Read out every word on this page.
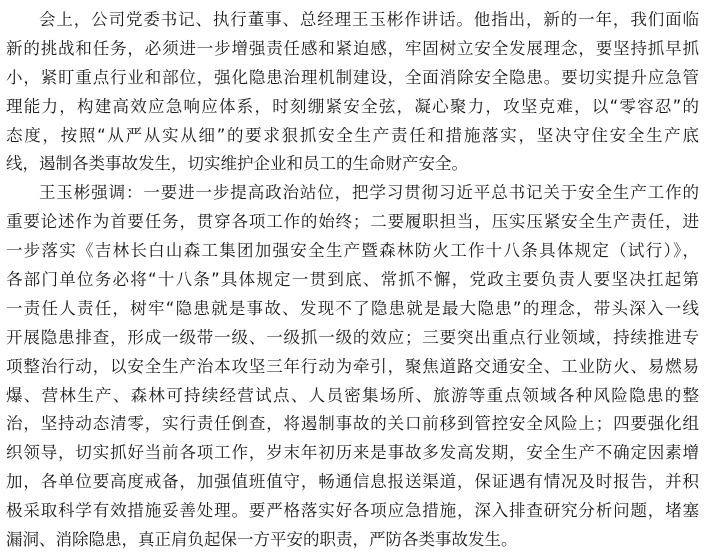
会上，公司党委书记、执行董事、总经理王玉彬作讲话。他指出，新的一年，我们面临
新的挑战和任务，必须进一步增强责任感和紧迫感，牢固树立安全发展理念，要坚持抓早抓
小，紧盯重点行业和部位，强化隐患治理机制建设，全面消除安全隐患。要切实提升应急管
理能力，构建高效应急响应体系，时刻绷紧安全弦，凝心聚力，攻坚克难，以“零容忍”的
态度，按照“从严从实从细”的要求狠抓安全生产责任和措施落实，坚决守住安全生产底
线，遏制各类事故发生，切实维护企业和员工的生命财产安全。

王玉彬强调：一要进一步提高政治站位，把学习贯彻习近平总书记关于安全生产工作的
重要论述作为首要任务，贯穿各项工作的始终；二要履职担当，压实压紧安全生产责任，进
一步落实《吉林长白山森工集团加强安全生产暨森林防火工作十八条具体规定（试行）》，
各部门单位务必将“十八条”具体规定一贯到底、常抓不懈，党政主要负责人要坚决扛起第
一责任人责任，树牢“隐患就是事故、发现不了隐患就是最大隐患”的理念，带头深入一线
开展隐患排查，形成一级带一级、一级抓一级的效应；三要突出重点行业领域，持续推进专
项整治行动，以安全生产治本攻坚三年行动为牵引，聚焦道路交通安全、工业防火、易燃易
爆、营林生产、森林可持续经营试点、人员密集场所、旅游等重点领域各种风险隐患的整
治，坚持动态清零，实行责任倒查，将遏制事故的关口前移到管控安全风险上；四要强化组
织领导，切实抓好当前各项工作，岁末年初历来是事故多发高发期，安全生产不确定因素增
加，各单位要高度戒备，加强值班值守，畅通信息报送渠道，保证遇有情况及时报告，并积
极采取科学有效措施妥善处理。要严格落实好各项应急措施，深入排查研究分析问题，堵塞
漏洞、消除隐患，真正肩负起保一方平安的职责，严防各类事故发生。
